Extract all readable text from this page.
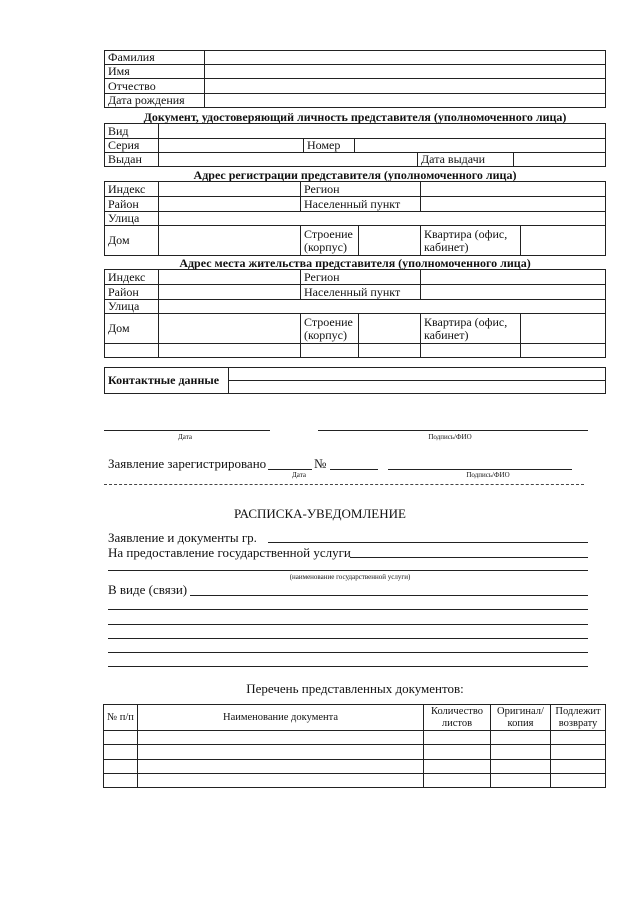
Фамилия	
Имя	
Отчество	
Дата рождения	
Документ, удостоверяющий личность представителя (уполномоченного лица)
Вид					
Серия		Номер			
Выдан				Дата выдачи	
Адрес регистрации представителя (уполномоченного лица)
Индекс		Регион			
Район		Населенный пункт			
Улица					
Дом		Строение (корпус)		Квартира (офис, кабинет)	
Адрес места жительства представителя (уполномоченного лица)
Индекс		Регион			
Район		Населенный пункт			
Улица					
Дом		Строение (корпус)		Квартира (офис, кабинет)	

Контактные данные	

Дата	Подпись/ФИО
Заявление зарегистрировано	№
Дата	Подпись/ФИО
РАСПИСКА-УВЕДОМЛЕНИЕ
Заявление и документы гр.
На предоставление государственной услуги
(наименование государственной услуги)
В виде (связи)
Перечень представленных документов:
№ п/п	Наименование документа	Количество листов	Оригинал/ копия	Подлежит возврату
